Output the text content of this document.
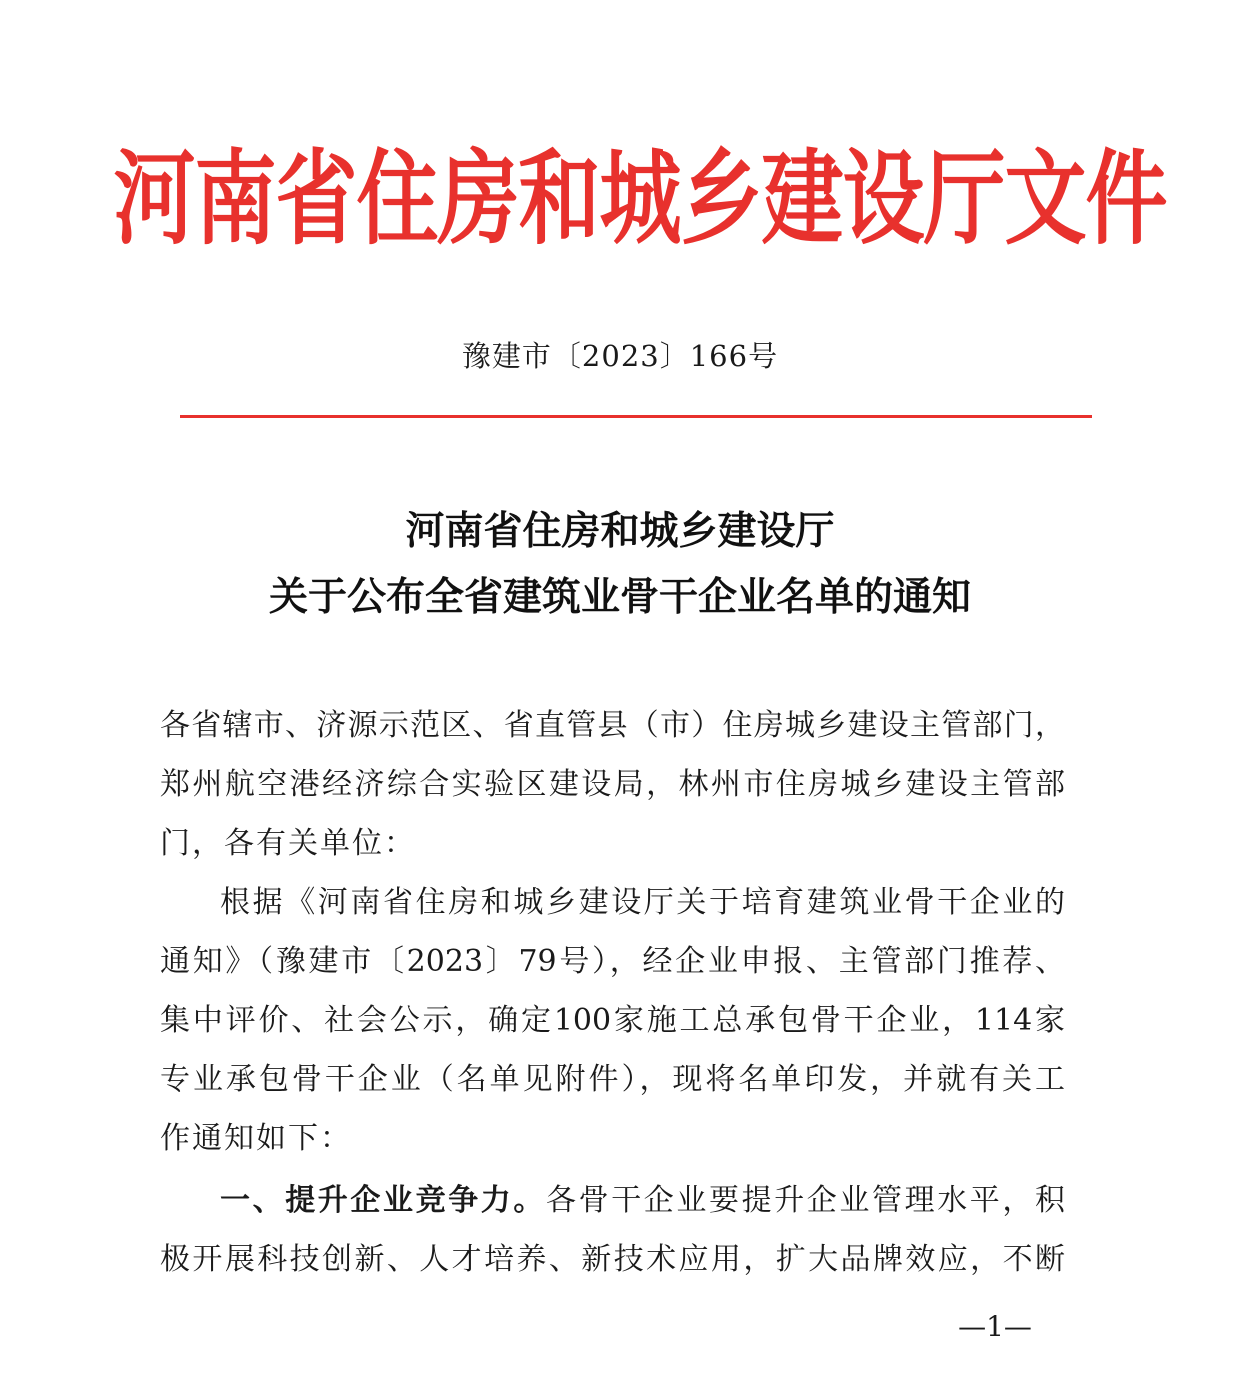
河南省住房和城乡建设厅文件
豫建市〔2023〕166号
河南省住房和城乡建设厅
关于公布全省建筑业骨干企业名单的通知
各省辖市、济源示范区、省直管县（市）住房城乡建设主管部门，
郑州航空港经济综合实验区建设局，林州市住房城乡建设主管部
门，各有关单位：
根据《河南省住房和城乡建设厅关于培育建筑业骨干企业的
通知》（豫建市〔2023〕79号），经企业申报、主管部门推荐、
集中评价、社会公示，确定100家施工总承包骨干企业，114家
专业承包骨干企业（名单见附件），现将名单印发，并就有关工
作通知如下：
一、提升企业竞争力。各骨干企业要提升企业管理水平，积
极开展科技创新、人才培养、新技术应用，扩大品牌效应，不断
—1—
